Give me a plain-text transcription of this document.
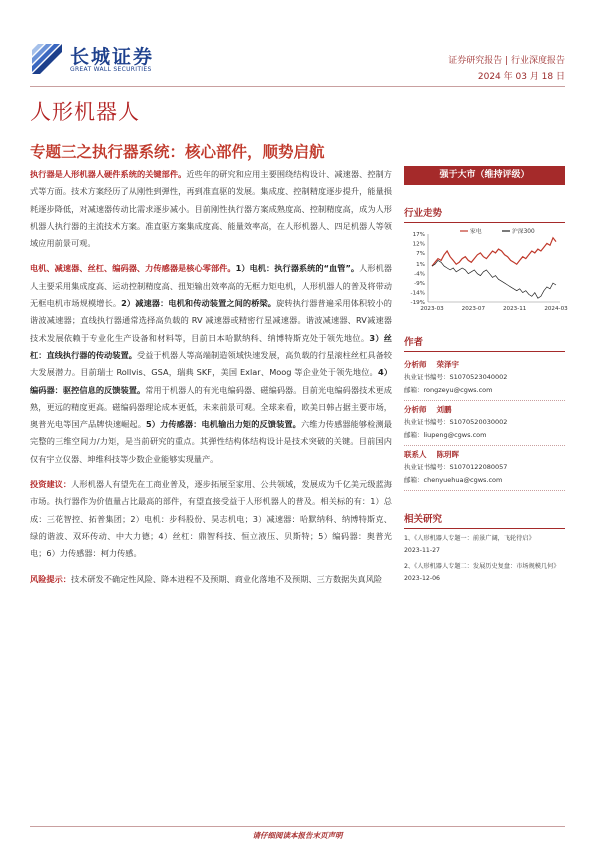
长城证券
GREAT WALL SECURITIES
证券研究报告 | 行业深度报告
2024 年 03 月 18 日
人形机器人
专题三之执行器系统：核心部件，顺势启航

执行器是人形机器人硬件系统的关键部件。近些年的研究和应用主要围绕结构设计、减速器、控制方式等方面。技术方案经历了从刚性到弹性，再到准直驱的发展。集成度、控制精度逐步提升，能量损耗逐步降低，对减速器传动比需求逐步减小。目前刚性执行器方案成熟度高、控制精度高，成为人形机器人执行器的主流技术方案。准直驱方案集成度高、能量效率高，在人形机器人、四足机器人等领域应用前景可观。

电机、减速器、丝杠、编码器、力传感器是核心零部件。1）电机：执行器系统的“血管”。人形机器人主要采用集成度高、运动控制精度高、扭矩输出效率高的无框力矩电机，人形机器人的普及将带动无框电机市场规模增长。2）减速器：电机和传动装置之间的桥梁。旋转执行器普遍采用体积较小的谐波减速器；直线执行器通常选择高负载的 RV 减速器或精密行星减速器。谐波减速器、RV减速器技术发展依赖于专业化生产设备和材料等，目前日本哈默纳科、纳博特斯克处于领先地位。3）丝杠：直线执行器的传动装置。受益于机器人等高端制造领域快速发展，高负载的行星滚柱丝杠具备较大发展潜力。目前瑞士 Rollvis、GSA，瑞典 SKF，美国 Exlar、Moog 等企业处于领先地位。4）编码器：驱控信息的反馈装置。常用于机器人的有光电编码器、磁编码器。目前光电编码器技术更成熟，更远的精度更高。磁编码器理论成本更低，未来前景可观。全球来看，欧美日韩占据主要市场，奥普光电等国产品牌快速崛起。5）力传感器：电机输出力矩的反馈装置。六维力传感器能够检测最完整的三维空间力/力矩，是当前研究的重点。其弹性结构体结构设计是技术突破的关键。目前国内仅有宇立仪器、坤维科技等少数企业能够实现量产。

投资建议：人形机器人有望先在工商业普及，逐步拓展至家用、公共领域，发展成为千亿美元级蓝海市场。执行器作为价值量占比最高的部件，有望直接受益于人形机器人的普及。相关标的有：1）总成：三花智控、拓普集团；2）电机：步科股份、昊志机电；3）减速器：哈默纳科、纳博特斯克、绿的谐波、双环传动、中大力德；4）丝杠：鼎智科技、恒立液压、贝斯特；5）编码器：奥普光电；6）力传感器：柯力传感。

风险提示：技术研发不确定性风险、降本进程不及预期、商业化落地不及预期、三方数据失真风险

强于大市（维持评级）
行业走势
17%
12%
7%
1%
-4%
-9%
-14%
-19%
2023-03	2023-07	2023-11	2024-03
家电	沪深300
作者
分析师 荣泽宇
执业证书编号：S1070523040002
邮箱：rongzeyu@cgws.com
分析师 刘鹏
执业证书编号：S1070520030002
邮箱：liupeng@cgws.com
联系人 陈玥晖
执业证书编号：S1070122080057
邮箱：chenyuehua@cgws.com
相关研究
1、《人形机器人专题一：前景广阔，飞轮待启》
2023-11-27
2、《人形机器人专题二：发展历史复盘：市场规模几何》
2023-12-06
请仔细阅读本报告末页声明
